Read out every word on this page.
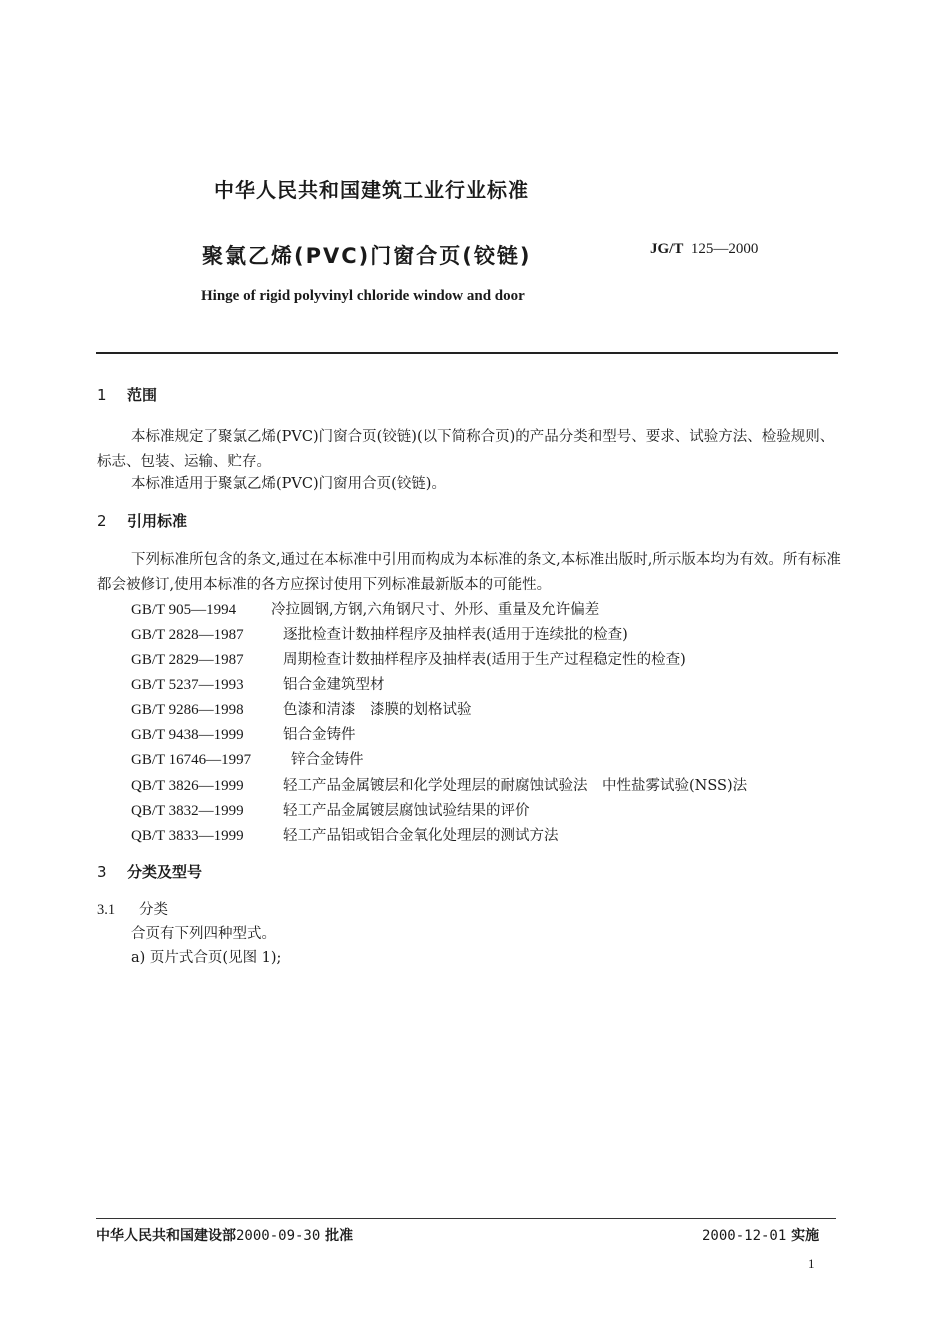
中华人民共和国建筑工业行业标准
聚氯乙烯(PVC)门窗合页(铰链)	JG/T 125—2000
Hinge of rigid polyvinyl chloride window and door
1 范围
本标准规定了聚氯乙烯(PVC)门窗合页(铰链)(以下简称合页)的产品分类和型号、要求、试验方法、检验规则、标志、包装、运输、贮存。
本标准适用于聚氯乙烯(PVC)门窗用合页(铰链)。
2 引用标准
下列标准所包含的条文,通过在本标准中引用而构成为本标准的条文,本标准出版时,所示版本均为有效。所有标准都会被修订,使用本标准的各方应探讨使用下列标准最新版本的可能性。
GB/T 905—1994 冷拉圆钢,方钢,六角钢尺寸、外形、重量及允许偏差
GB/T 2828—1987	逐批检查计数抽样程序及抽样表(适用于连续批的检查)
GB/T 2829—1987	周期检查计数抽样程序及抽样表(适用于生产过程稳定性的检查)
GB/T 5237—1993	铝合金建筑型材
GB/T 9286—1998	色漆和清漆　漆膜的划格试验
GB/T 9438—1999	铝合金铸件
GB/T 16746—1997	锌合金铸件
QB/T 3826—1999	轻工产品金属镀层和化学处理层的耐腐蚀试验法　中性盐雾试验(NSS)法
QB/T 3832—1999	轻工产品金属镀层腐蚀试验结果的评价
QB/T 3833—1999	轻工产品铝或铝合金氧化处理层的测试方法
3 分类及型号
3.1 分类
合页有下列四种型式。
a) 页片式合页(见图 1);
中华人民共和国建设部2000-09-30 批准	2000-12-01 实施
1
